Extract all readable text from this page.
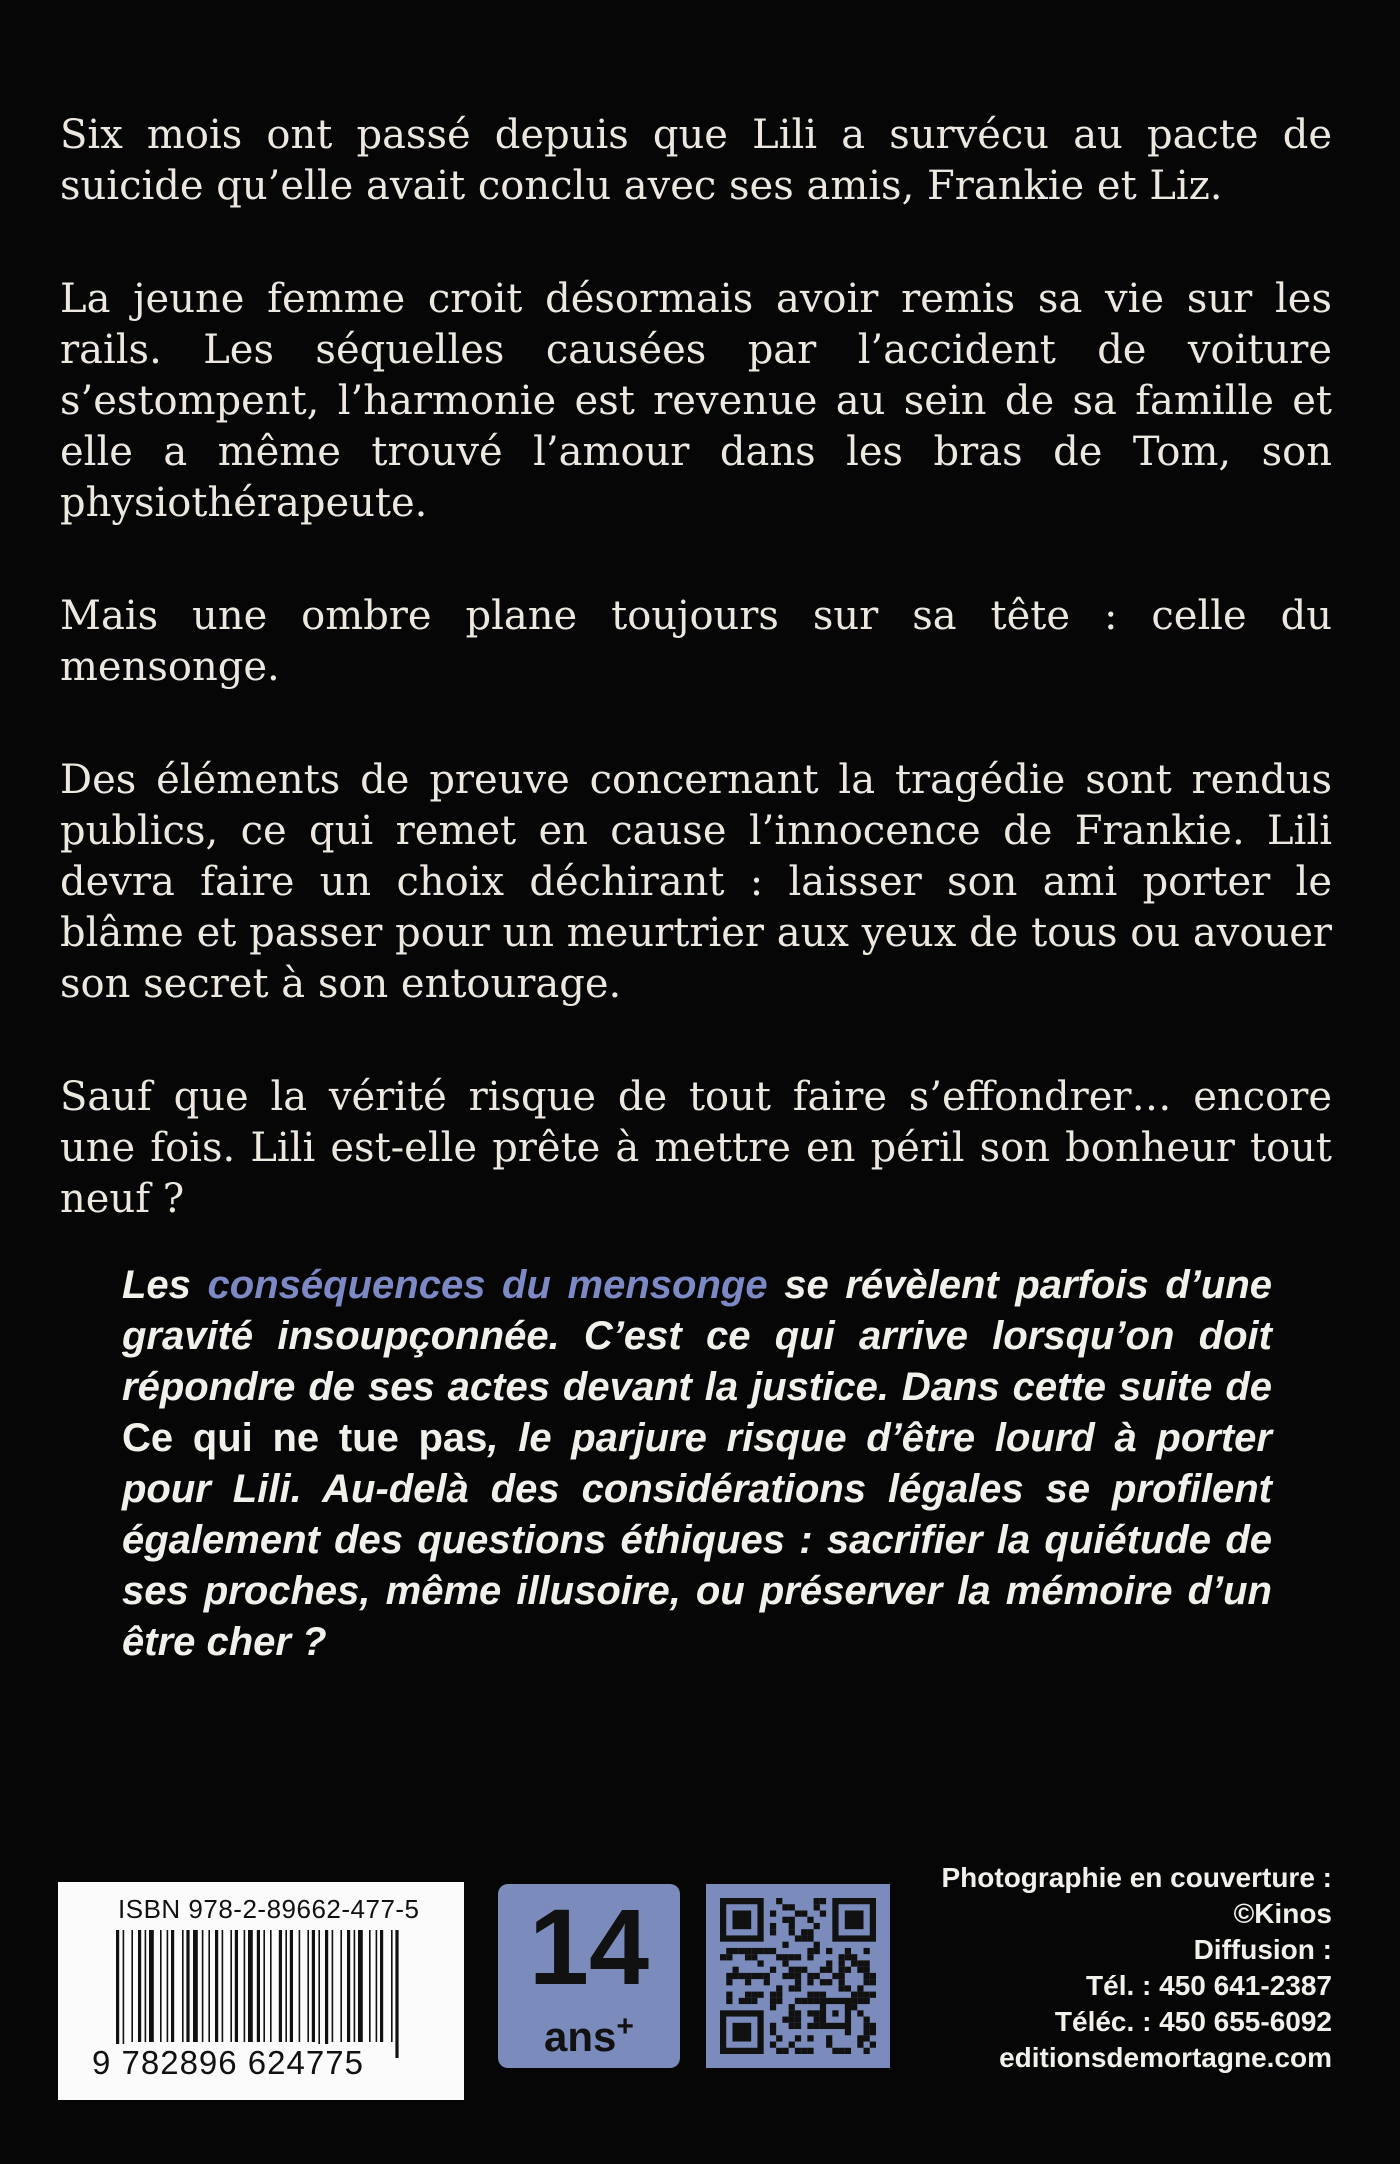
Six mois ont passé depuis que Lili a survécu au pacte de suicide qu’elle avait conclu avec ses amis, Frankie et Liz.

La jeune femme croit désormais avoir remis sa vie sur les rails. Les séquelles causées par l’accident de voiture s’estompent, l’harmonie est revenue au sein de sa famille et elle a même trouvé l’amour dans les bras de Tom, son physiothérapeute.

Mais une ombre plane toujours sur sa tête : celle du mensonge.

Des éléments de preuve concernant la tragédie sont rendus publics, ce qui remet en cause l’innocence de Frankie. Lili devra faire un choix déchirant : laisser son ami porter le blâme et passer pour un meurtrier aux yeux de tous ou avouer son secret à son entourage.

Sauf que la vérité risque de tout faire s’effondrer… encore une fois. Lili est-elle prête à mettre en péril son bonheur tout neuf ?

Les conséquences du mensonge se révèlent parfois d’une gravité insoupçonnée. C’est ce qui arrive lorsqu’on doit répondre de ses actes devant la justice. Dans cette suite de Ce qui ne tue pas, le parjure risque d’être lourd à porter pour Lili. Au-delà des considérations légales se profilent également des questions éthiques : sacrifier la quiétude de ses proches, même illusoire, ou préserver la mémoire d’un être cher ?

ISBN 978-2-89662-477-5
9 782896 624775
14
ans+
Photographie en couverture :
©Kinos
Diffusion :
Tél. : 450 641-2387
Téléc. : 450 655-6092
editionsdemortagne.com
